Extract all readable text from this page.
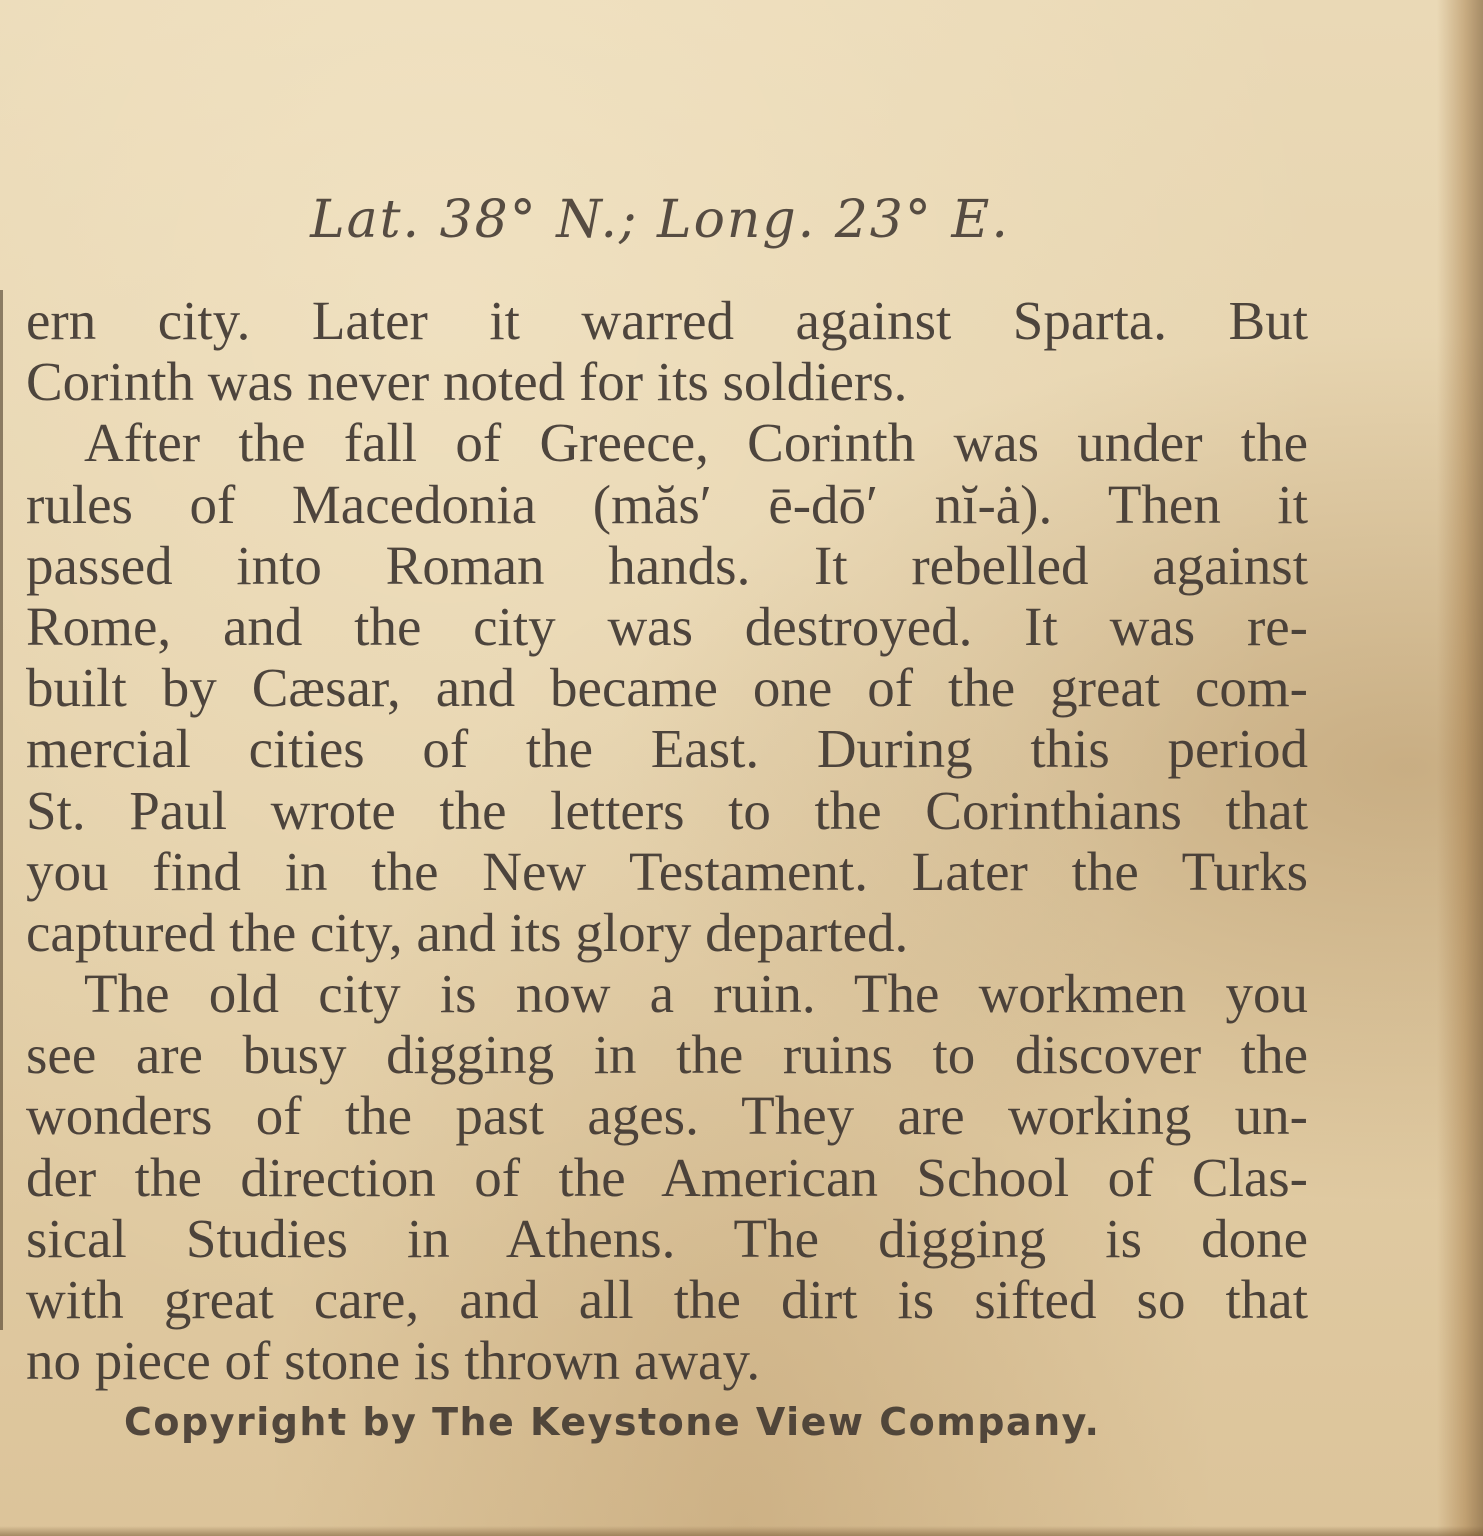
Lat. 38° N.; Long. 23° E.
ern city. Later it warred against Sparta. But
Corinth was never noted for its soldiers.
After the fall of Greece, Corinth was under the
rules of Macedonia (măs′ ē-dō′ nĭ-ȧ). Then it
passed into Roman hands. It rebelled against
Rome, and the city was destroyed. It was re-
built by Cæsar, and became one of the great com-
mercial cities of the East. During this period
St. Paul wrote the letters to the Corinthians that
you find in the New Testament. Later the Turks
captured the city, and its glory departed.
The old city is now a ruin. The workmen you
see are busy digging in the ruins to discover the
wonders of the past ages. They are working un-
der the direction of the American School of Clas-
sical Studies in Athens. The digging is done
with great care, and all the dirt is sifted so that
no piece of stone is thrown away.
Copyright by The Keystone View Company.
